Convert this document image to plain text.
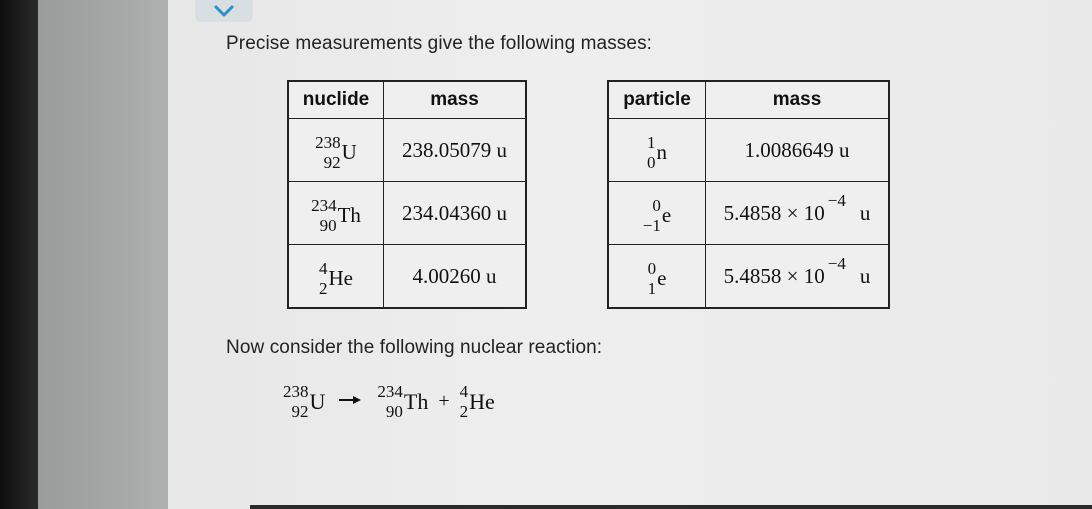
Precise measurements give the following masses:
nuclide	mass

238
92 U	238.05079 u

234
90 Th	234.04360 u

4
2 He	4.00260 u
particle	mass

1
0 n	1.0086649 u

0
−1 e	5.4858 × 10 −4 u

0
1 e	5.4858 × 10 −4 u
Now consider the following nuclear reaction:
238
92 U	234
90 Th + 4
2 He
